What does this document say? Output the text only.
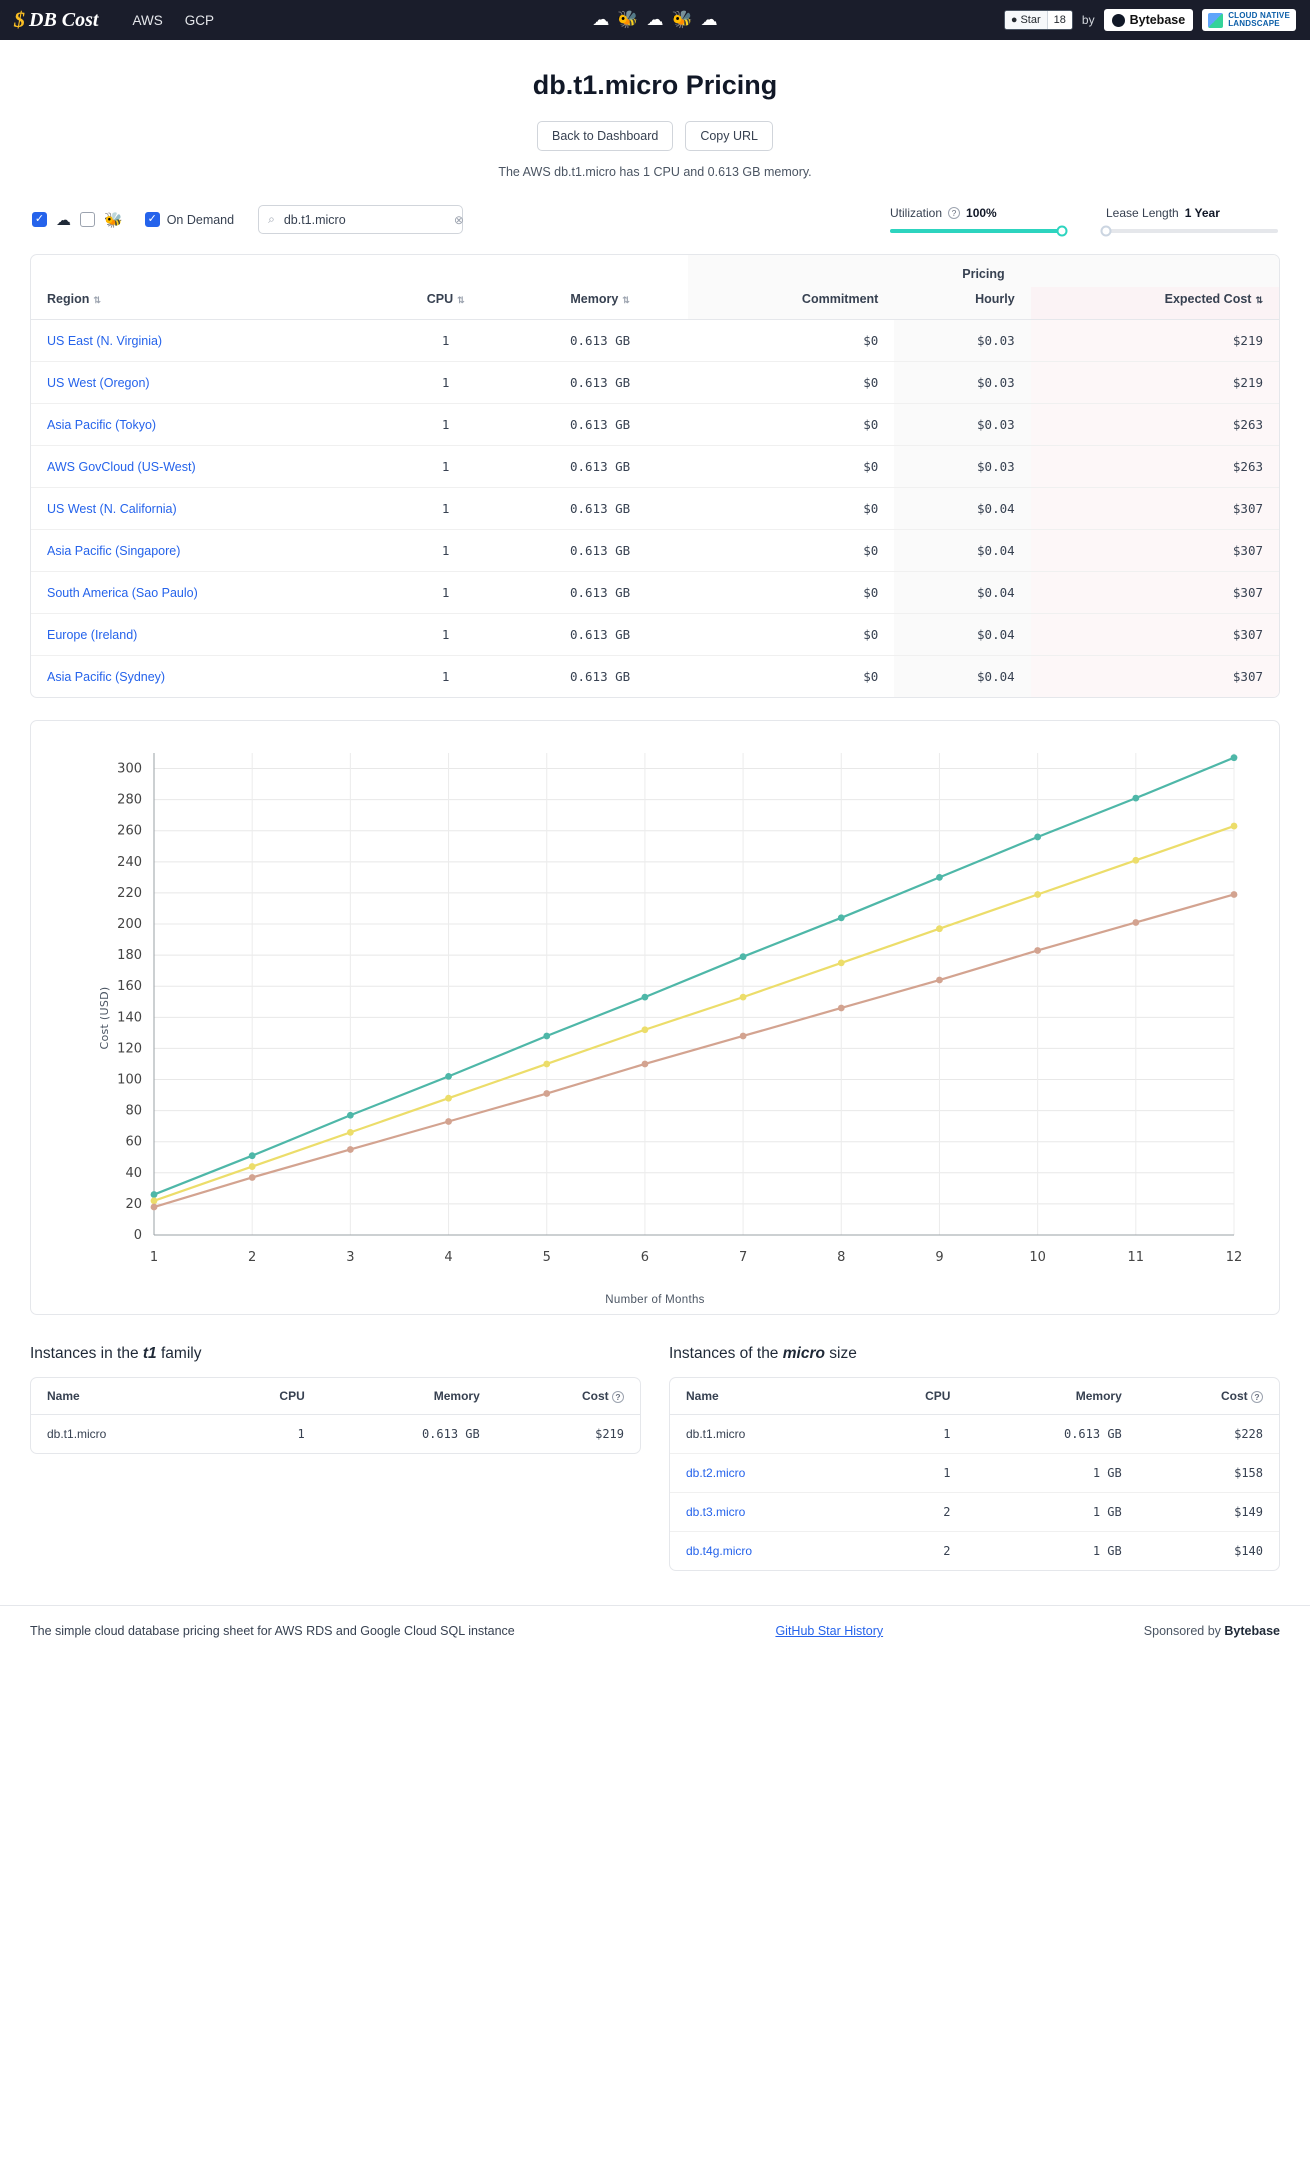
$ DB Cost	AWS GCP	☁ 🐝 ☁ 🐝 ☁	● Star	18	by	Bytebase	CLOUD NATIVE
LANDSCAPE
db.t1.micro Pricing
Back to Dashboard	Copy URL
The AWS db.t1.micro has 1 CPU and 0.613 GB memory.
✓
☁ 🐝 ✓	On Demand	⌕
db.t1.micro	⊗	Utilization	? 100%	Lease Length 1 Year
			Pricing		
Region ⇅	CPU ⇅	Memory ⇅	Commitment	Hourly	Expected Cost ⇅
US East (N. Virginia)	1	0.613 GB	$0	$0.03	$219
US West (Oregon)	1	0.613 GB	$0	$0.03	$219
Asia Pacific (Tokyo)	1	0.613 GB	$0	$0.03	$263
AWS GovCloud (US-West)	1	0.613 GB	$0	$0.03	$263
US West (N. California)	1	0.613 GB	$0	$0.04	$307
Asia Pacific (Singapore)	1	0.613 GB	$0	$0.04	$307
South America (Sao Paulo)	1	0.613 GB	$0	$0.04	$307
Europe (Ireland)	1	0.613 GB	$0	$0.04	$307
Asia Pacific (Sydney)	1	0.613 GB	$0	$0.04	$307
Cost (USD)
0
20
40
60
80
100
120
140
160
180
200
220
240
260
280
300
1	2	3	4	5	6	7	8	9	10	11	12
Number of Months
Instances in the t1 family
Name	CPU	Memory	Cost ?
db.t1.micro	1	0.613 GB	$219
Instances of the micro size
Name	CPU	Memory	Cost ?
db.t1.micro	1	0.613 GB	$228
db.t2.micro	1	1 GB	$158
db.t3.micro	2	1 GB	$149
db.t4g.micro	2	1 GB	$140
The simple cloud database pricing sheet for AWS RDS and Google Cloud SQL instance	GitHub Star History	Sponsored by Bytebase
